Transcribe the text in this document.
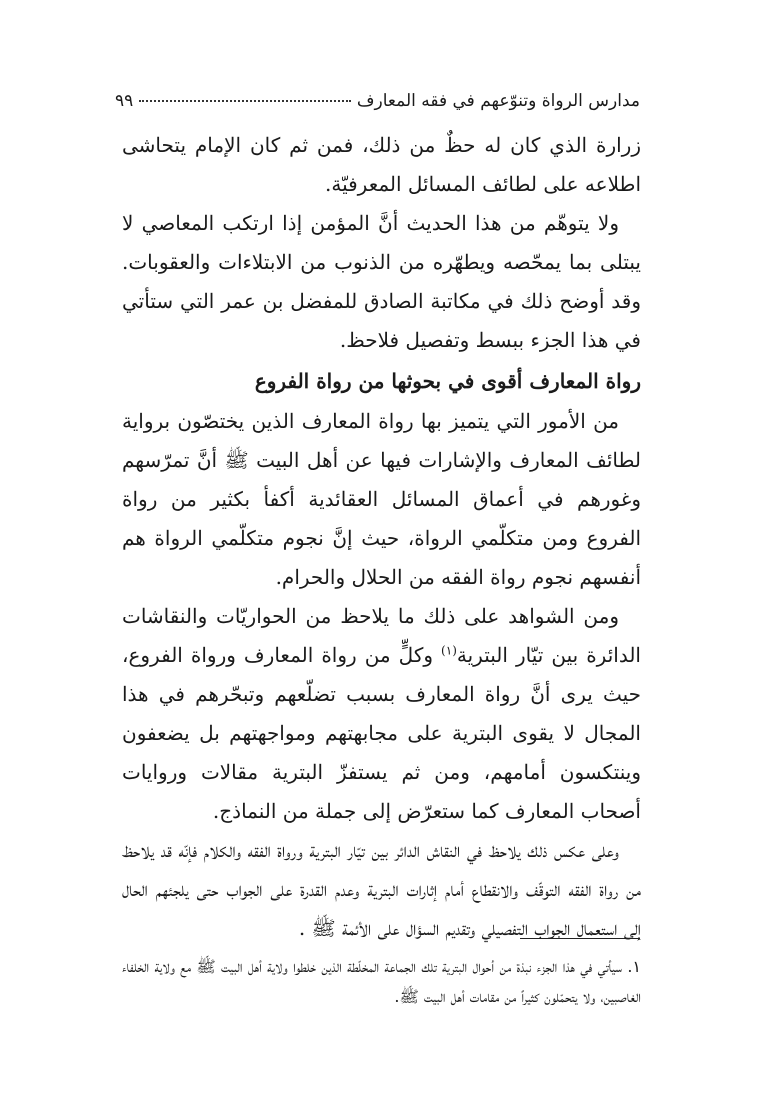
مدارس الرواة وتنوّعهم في فقه المعارف
٩٩

زرارة الذي كان له حظٌ من ذلك، فمن ثم كان الإمام يتحاشى اطلاعه على لطائف المسائل المعرفيّة.

ولا يتوهّم من هذا الحديث أنَّ المؤمن إذا ارتكب المعاصي لا يبتلى بما يمحّصه ويطهّره من الذنوب من الابتلاءات والعقوبات. وقد أوضح ذلك في مكاتبة الصادق للمفضل بن عمر التي ستأتي في هذا الجزء ببسط وتفصيل فلاحظ.

رواة المعارف أقوى في بحوثها من رواة الفروع

من الأمور التي يتميز بها رواة المعارف الذين يختصّون برواية لطائف المعارف والإشارات فيها عن أهل البيت ﷺ أنَّ تمرّسهم وغورهم في أعماق المسائل العقائدية أكفأ بكثير من رواة الفروع ومن متكلّمي الرواة، حيث إنَّ نجوم متكلّمي الرواة هم أنفسهم نجوم رواة الفقه من الحلال والحرام.

ومن الشواهد على ذلك ما يلاحظ من الحواريّات والنقاشات الدائرة بين تيّار البترية$^{(١)}$ وكلٍّ من رواة المعارف ورواة الفروع، حيث يرى أنَّ رواة المعارف بسبب تضلّعهم وتبحّرهم في هذا المجال لا يقوى البترية على مجابهتهم ومواجهتهم بل يضعفون وينتكسون أمامهم، ومن ثم يستفزّ البترية مقالات وروايات أصحاب المعارف كما ستعرّض إلى جملة من النماذج.

وعلى عكس ذلك يلاحظ في النقاش الدائر بين تيّار البترية ورواة الفقه والكلام فإنّه قد يلاحظ من رواة الفقه التوقّف والانقطاع أمام إثارات البترية وعدم القدرة على الجواب حتى يلجئهم الحال إلى استعمال الجواب التفصيلي وتقديم السؤال على الأئمة ﷺ .

١. سيأتي في هذا الجزء نبذة من أحوال البترية تلك الجماعة المخلّطة الذين خلطوا ولاية أهل البيت ﷺ مع ولاية الخلفاء الغاصبين، ولا يتحمّلون كثيراً من مقامات أهل البيت ﷺ.
